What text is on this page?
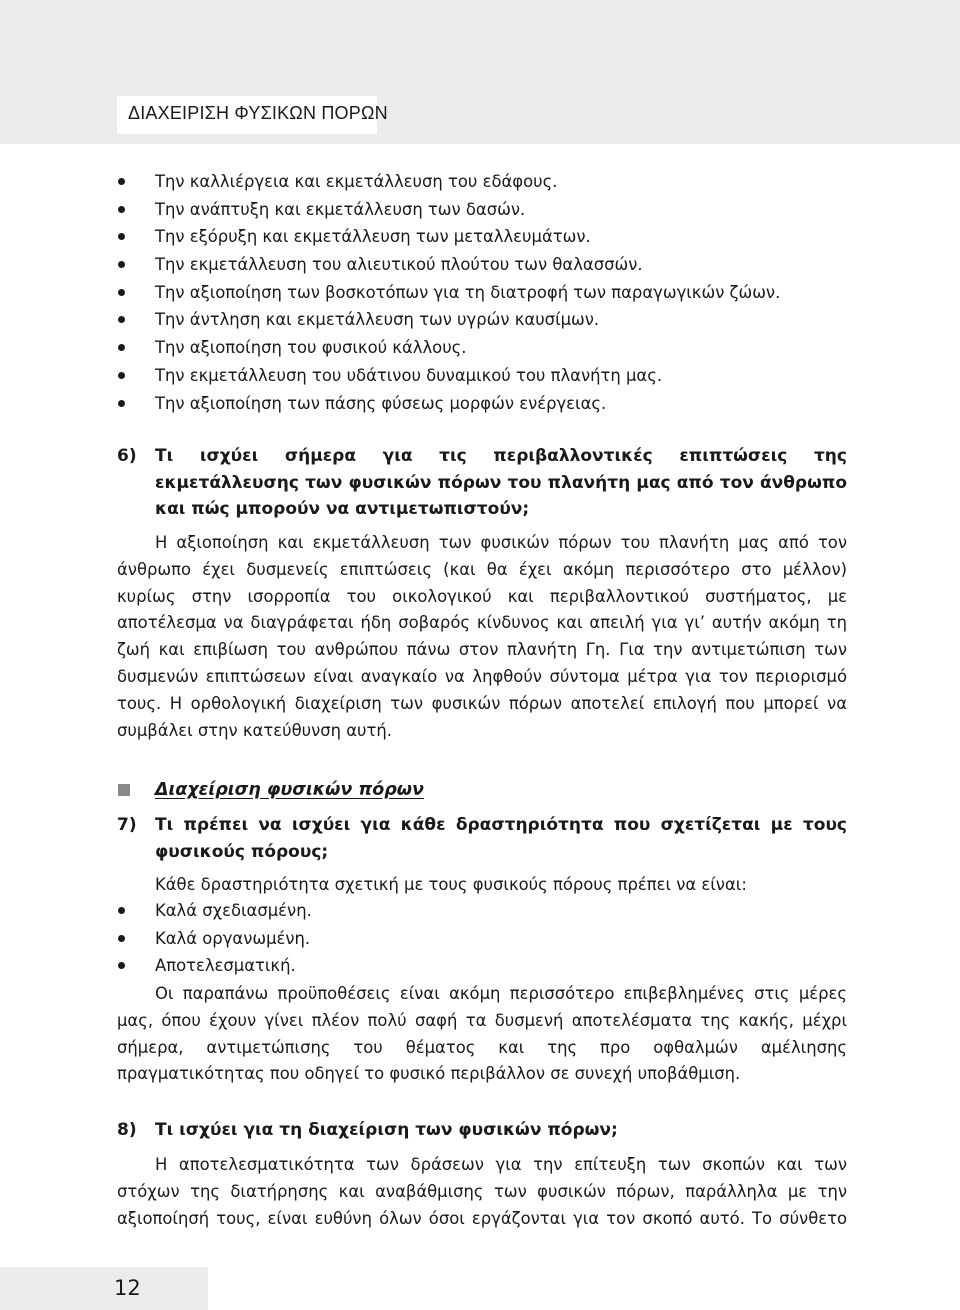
ΔΙΑΧΕΙΡΙΣΗ ΦΥΣΙΚΩΝ ΠΟΡΩΝ
Την καλλιέργεια και εκμετάλλευση του εδάφους.
Την ανάπτυξη και εκμετάλλευση των δασών.
Την εξόρυξη και εκμετάλλευση των μεταλλευμάτων.
Την εκμετάλλευση του αλιευτικού πλούτου των θαλασσών.
Την αξιοποίηση των βοσκοτόπων για τη διατροφή των παραγωγικών ζώων.
Την άντληση και εκμετάλλευση των υγρών καυσίμων.
Την αξιοποίηση του φυσικού κάλλους.
Την εκμετάλλευση του υδάτινου δυναμικού του πλανήτη μας.
Την αξιοποίηση των πάσης φύσεως μορφών ενέργειας.
6) Τι ισχύει σήμερα για τις περιβαλλοντικές επιπτώσεις της εκμετάλλευσης των φυσικών πόρων του πλανήτη μας από τον άνθρωπο και πώς μπορούν να αντιμετωπιστούν;
Η αξιοποίηση και εκμετάλλευση των φυσικών πόρων του πλανήτη μας από τον άνθρωπο έχει δυσμενείς επιπτώσεις (και θα έχει ακόμη περισσότερο στο μέλλον) κυρίως στην ισορροπία του οικολογικού και περιβαλλοντικού συστήματος, με αποτέλεσμα να διαγράφεται ήδη σοβαρός κίνδυνος και απειλή για γι’ αυτήν ακόμη τη ζωή και επιβίωση του ανθρώπου πάνω στον πλανήτη Γη. Για την αντιμετώπιση των δυσμενών επιπτώσεων είναι αναγκαίο να ληφθούν σύντομα μέτρα για τον περιορισμό τους. Η ορθολογική διαχείριση των φυσικών πόρων αποτελεί επιλογή που μπορεί να συμβάλει στην κατεύθυνση αυτή.
Διαχείριση φυσικών πόρων
7) Τι πρέπει να ισχύει για κάθε δραστηριότητα που σχετίζεται με τους φυσικούς πόρους;
Κάθε δραστηριότητα σχετική με τους φυσικούς πόρους πρέπει να είναι:
Καλά σχεδιασμένη.
Καλά οργανωμένη.
Αποτελεσματική.
Οι παραπάνω προϋποθέσεις είναι ακόμη περισσότερο επιβεβλημένες στις μέρες μας, όπου έχουν γίνει πλέον πολύ σαφή τα δυσμενή αποτελέσματα της κακής, μέχρι σήμερα, αντιμετώπισης του θέματος και της προ οφθαλμών αμέλιησης πραγματικότητας που οδηγεί το φυσικό περιβάλλον σε συνεχή υποβάθμιση.
8) Τι ισχύει για τη διαχείριση των φυσικών πόρων;
Η αποτελεσματικότητα των δράσεων για την επίτευξη των σκοπών και των στόχων της διατήρησης και αναβάθμισης των φυσικών πόρων, παράλληλα με την αξιοποίησή τους, είναι ευθύνη όλων όσοι εργάζονται για τον σκοπό αυτό. Το σύνθετο
12
